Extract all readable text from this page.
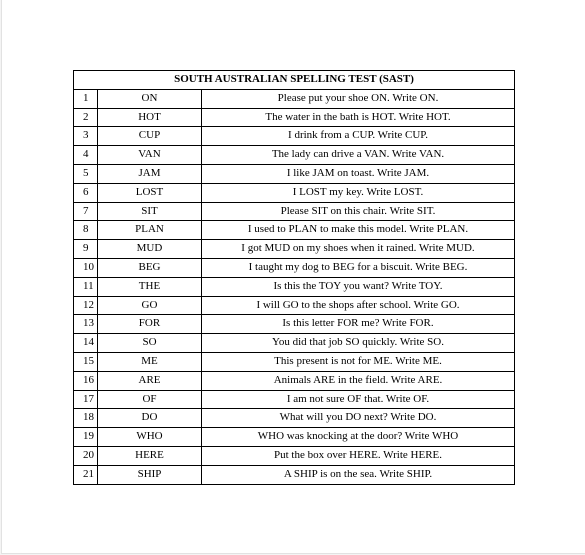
SOUTH AUSTRALIAN SPELLING TEST (SAST)		
1	ON	Please put your shoe ON. Write ON.
2	HOT	The water in the bath is HOT. Write HOT.
3	CUP	I drink from a CUP. Write CUP.
4	VAN	The lady can drive a VAN. Write VAN.
5	JAM	I like JAM on toast. Write JAM.
6	LOST	I LOST my key. Write LOST.
7	SIT	Please SIT on this chair. Write SIT.
8	PLAN	I used to PLAN to make this model. Write PLAN.
9	MUD	I got MUD on my shoes when it rained. Write MUD.
10	BEG	I taught my dog to BEG for a biscuit. Write BEG.
11	THE	Is this the TOY you want? Write TOY.
12	GO	I will GO to the shops after school. Write GO.
13	FOR	Is this letter FOR me? Write FOR.
14	SO	You did that job SO quickly. Write SO.
15	ME	This present is not for ME. Write ME.
16	ARE	Animals ARE in the field. Write ARE.
17	OF	I am not sure OF that. Write OF.
18	DO	What will you DO next? Write DO.
19	WHO	WHO was knocking at the door? Write WHO
20	HERE	Put the box over HERE. Write HERE.
21	SHIP	A SHIP is on the sea. Write SHIP.
